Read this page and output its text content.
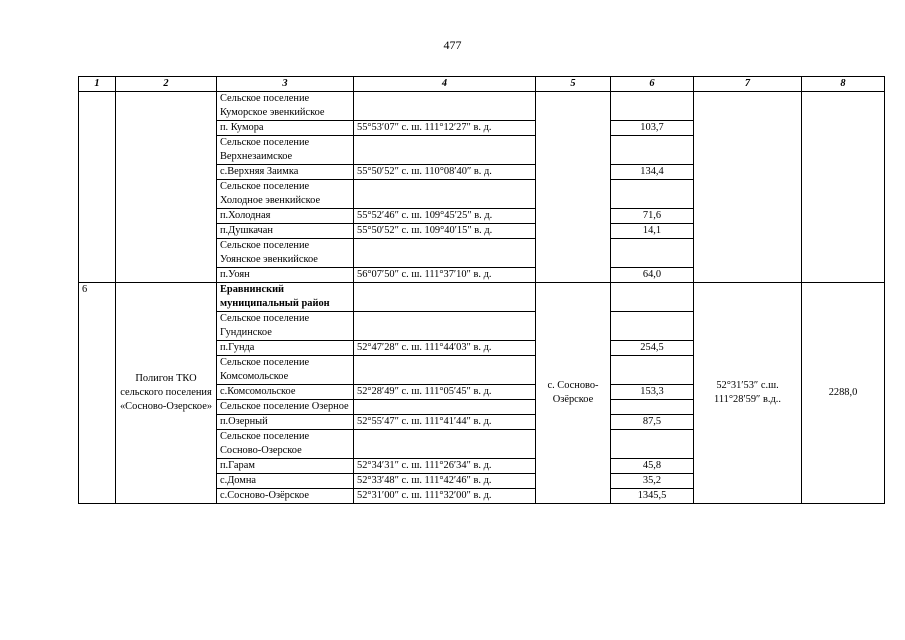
477
1	2	3	4	5	6	7	8
		Сельское поселение Куморское эвенкийское					
		п. Кумора	55°53′07″ с. ш. 111°12′27″ в. д.		103,7		
		Сельское поселение Верхнезаимское					
		с.Верхняя Заимка	55°50′52″ с. ш. 110°08′40″ в. д.		134,4		
		Сельское поселение Холодное эвенкийское					
		п.Холодная	55°52′46″ с. ш. 109°45′25″ в. д.		71,6		
		п.Душкачан	55°50′52″ с. ш. 109°40′15″ в. д.		14,1		
		Сельское поселение Уоянское эвенкийское					
		п.Уоян	56°07′50″ с. ш. 111°37′10″ в. д.		64,0		
6	Полигон ТКО сельского поселения «Сосново-Озерское»	Еравнинский муниципальный район		с. Сосново-Озёрское		52°31′53″ с.ш. 111°28′59″ в.д..	2288,0
		Сельское поселение Гундинское					
		п.Гунда	52°47′28″ с. ш. 111°44′03″ в. д.		254,5		
		Сельское поселение Комсомольское					
		с.Комсомольское	52°28′49″ с. ш. 111°05′45″ в. д.		153,3		
		Сельское поселение Озерное					
		п.Озерный	52°55′47″ с. ш. 111°41′44″ в. д.		87,5		
		Сельское поселение Сосново-Озерское					
		п.Гарам	52°34′31″ с. ш. 111°26′34″ в. д.		45,8		
		с.Домна	52°33′48″ с. ш. 111°42′46″ в. д.		35,2		
		с.Сосново-Озёрское	52°31′00″ с. ш. 111°32′00″ в. д.		1345,5		
